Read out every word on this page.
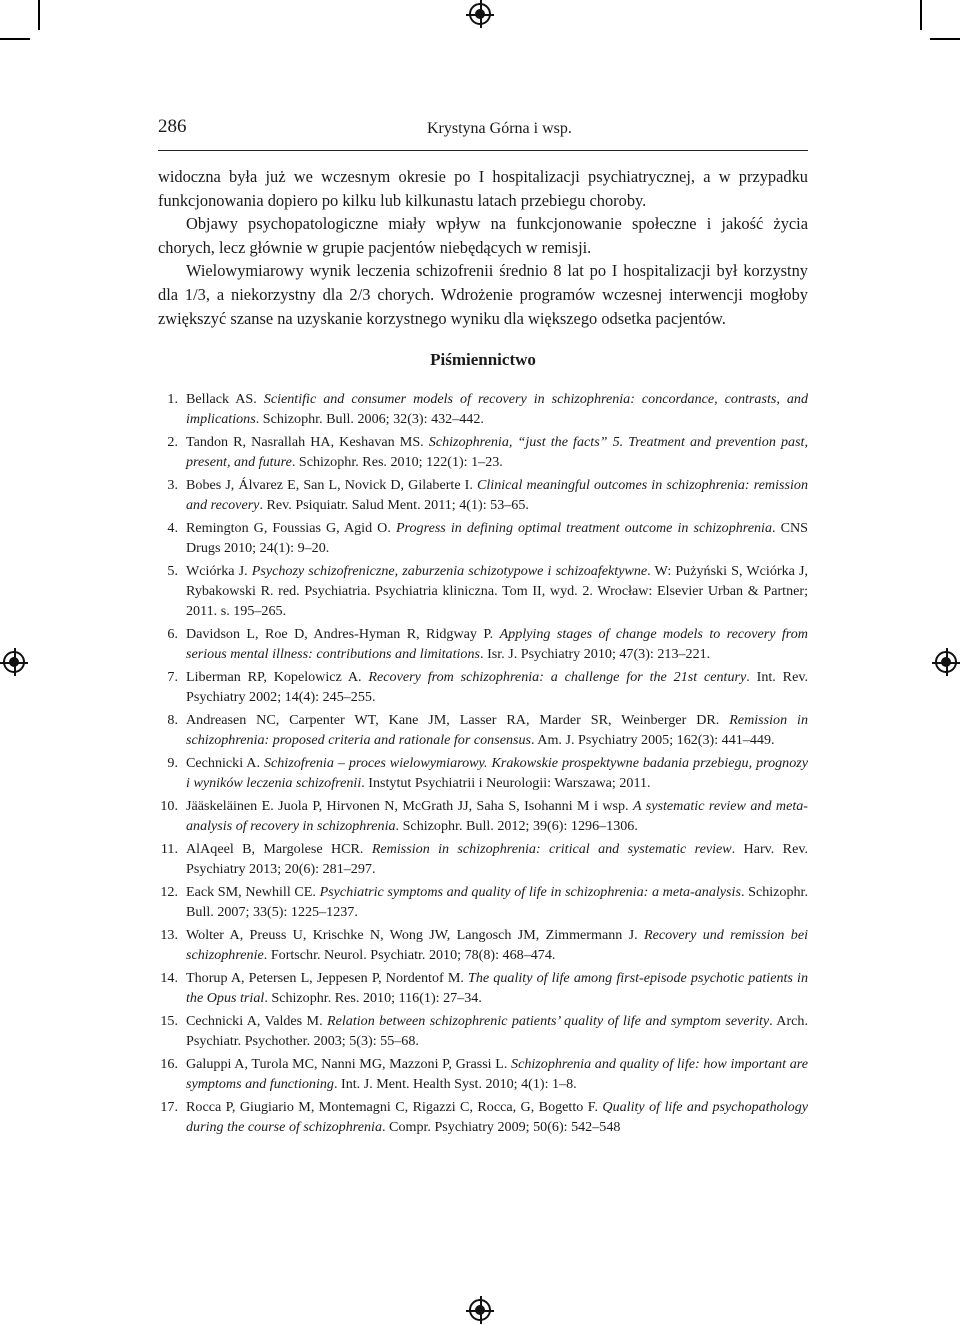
286	Krystyna Górna i wsp.

widoczna była już we wczesnym okresie po I hospitalizacji psychiatrycznej, a w przypadku funkcjonowania dopiero po kilku lub kilkunastu latach przebiegu choroby.

Objawy psychopatologiczne miały wpływ na funkcjonowanie społeczne i jakość życia chorych, lecz głównie w grupie pacjentów niebędących w remisji.

Wielowymiarowy wynik leczenia schizofrenii średnio 8 lat po I hospitalizacji był korzystny dla 1/3, a niekorzystny dla 2/3 chorych. Wdrożenie programów wczesnej interwencji mogłoby zwiększyć szanse na uzyskanie korzystnego wyniku dla większego odsetka pacjentów.

Piśmiennictwo
1. Bellack AS. Scientific and consumer models of recovery in schizophrenia: concordance, contrasts, and implications. Schizophr. Bull. 2006; 32(3): 432–442.
2. Tandon R, Nasrallah HA, Keshavan MS. Schizophrenia, “just the facts” 5. Treatment and prevention past, present, and future. Schizophr. Res. 2010; 122(1): 1–23.
3. Bobes J, Álvarez E, San L, Novick D, Gilaberte I. Clinical meaningful outcomes in schizophrenia: remission and recovery. Rev. Psiquiatr. Salud Ment. 2011; 4(1): 53–65.
4. Remington G, Foussias G, Agid O. Progress in defining optimal treatment outcome in schizophrenia. CNS Drugs 2010; 24(1): 9–20.
5. Wciórka J. Psychozy schizofreniczne, zaburzenia schizotypowe i schizoafektywne. W: Pużyński S, Wciórka J, Rybakowski R. red. Psychiatria. Psychiatria kliniczna. Tom II, wyd. 2. Wrocław: Elsevier Urban & Partner; 2011. s. 195–265.
6. Davidson L, Roe D, Andres-Hyman R, Ridgway P. Applying stages of change models to recovery from serious mental illness: contributions and limitations. Isr. J. Psychiatry 2010; 47(3): 213–221.
7. Liberman RP, Kopelowicz A. Recovery from schizophrenia: a challenge for the 21st century. Int. Rev. Psychiatry 2002; 14(4): 245–255.
8. Andreasen NC, Carpenter WT, Kane JM, Lasser RA, Marder SR, Weinberger DR. Remission in schizophrenia: proposed criteria and rationale for consensus. Am. J. Psychiatry 2005; 162(3): 441–449.
9. Cechnicki A. Schizofrenia – proces wielowymiarowy. Krakowskie prospektywne badania przebiegu, prognozy i wyników leczenia schizofrenii. Instytut Psychiatrii i Neurologii: Warszawa; 2011.
10. Jääskeläinen E. Juola P, Hirvonen N, McGrath JJ, Saha S, Isohanni M i wsp. A systematic review and meta-analysis of recovery in schizophrenia. Schizophr. Bull. 2012; 39(6): 1296–1306.
11. AlAqeel B, Margolese HCR. Remission in schizophrenia: critical and systematic review. Harv. Rev. Psychiatry 2013; 20(6): 281–297.
12. Eack SM, Newhill CE. Psychiatric symptoms and quality of life in schizophrenia: a meta-analysis. Schizophr. Bull. 2007; 33(5): 1225–1237.
13. Wolter A, Preuss U, Krischke N, Wong JW, Langosch JM, Zimmermann J. Recovery und remission bei schizophrenie. Fortschr. Neurol. Psychiatr. 2010; 78(8): 468–474.
14. Thorup A, Petersen L, Jeppesen P, Nordentof M. The quality of life among first-episode psychotic patients in the Opus trial. Schizophr. Res. 2010; 116(1): 27–34.
15. Cechnicki A, Valdes M. Relation between schizophrenic patients’ quality of life and symptom severity. Arch. Psychiatr. Psychother. 2003; 5(3): 55–68.
16. Galuppi A, Turola MC, Nanni MG, Mazzoni P, Grassi L. Schizophrenia and quality of life: how important are symptoms and functioning. Int. J. Ment. Health Syst. 2010; 4(1): 1–8.
17. Rocca P, Giugiario M, Montemagni C, Rigazzi C, Rocca, G, Bogetto F. Quality of life and psychopathology during the course of schizophrenia. Compr. Psychiatry 2009; 50(6): 542–548
